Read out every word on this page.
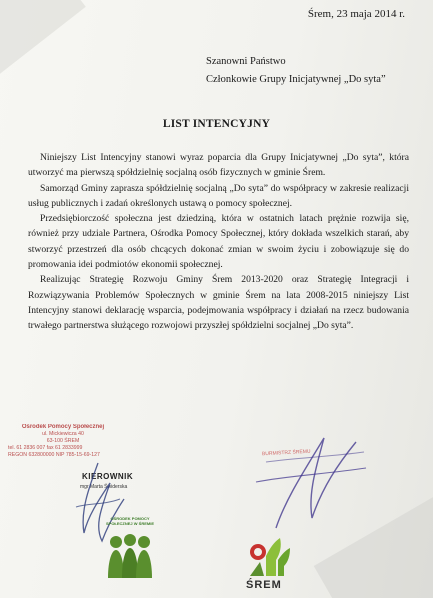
Śrem, 23 maja 2014 r.
Szanowni Państwo
Członkowie Grupy Inicjatywnej „Do syta”
LIST INTENCYJNY

Niniejszy List Intencyjny stanowi wyraz poparcia dla Grupy Inicjatywnej „Do syta”, która utworzyć ma pierwszą spółdzielnię socjalną osób fizycznych w gminie Śrem.

Samorząd Gminy zaprasza spółdzielnię socjalną „Do syta” do współpracy w zakresie realizacji usług publicznych i zadań określonych ustawą o pomocy społecznej.

Przedsiębiorczość społeczna jest dziedziną, która w ostatnich latach prężnie rozwija się, również przy udziale Partnera, Ośrodka Pomocy Społecznej, który dokłada wszelkich starań, aby stworzyć przestrzeń dla osób chcących dokonać zmian w swoim życiu i zobowiązuje się do promowania idei podmiotów ekonomii społecznej.

Realizując Strategię Rozwoju Gminy Śrem 2013-2020 oraz Strategię Integracji i Rozwiązywania Problemów Społecznych w gminie Śrem na lata 2008-2015 niniejszy List Intencyjny stanowi deklarację wsparcia, podejmowania współpracy i działań na rzecz budowania trwałego partnerstwa służącego rozwojowi przyszłej spółdzielni socjalnej „Do syta”.

Ośrodek Pomocy Społecznej
ul. Mickiewicza 40
63-100 ŚREM
tel. 61 2836 007 fax 61 2833999
REGON 632800000 NIP 785-15-69-127
KIEROWNIK
mgr Marta Świderska
OŚRODEK POMOCY SPOŁECZNEJ W ŚREMIE
BURMISTRZ ŚREMU
ŚREM
